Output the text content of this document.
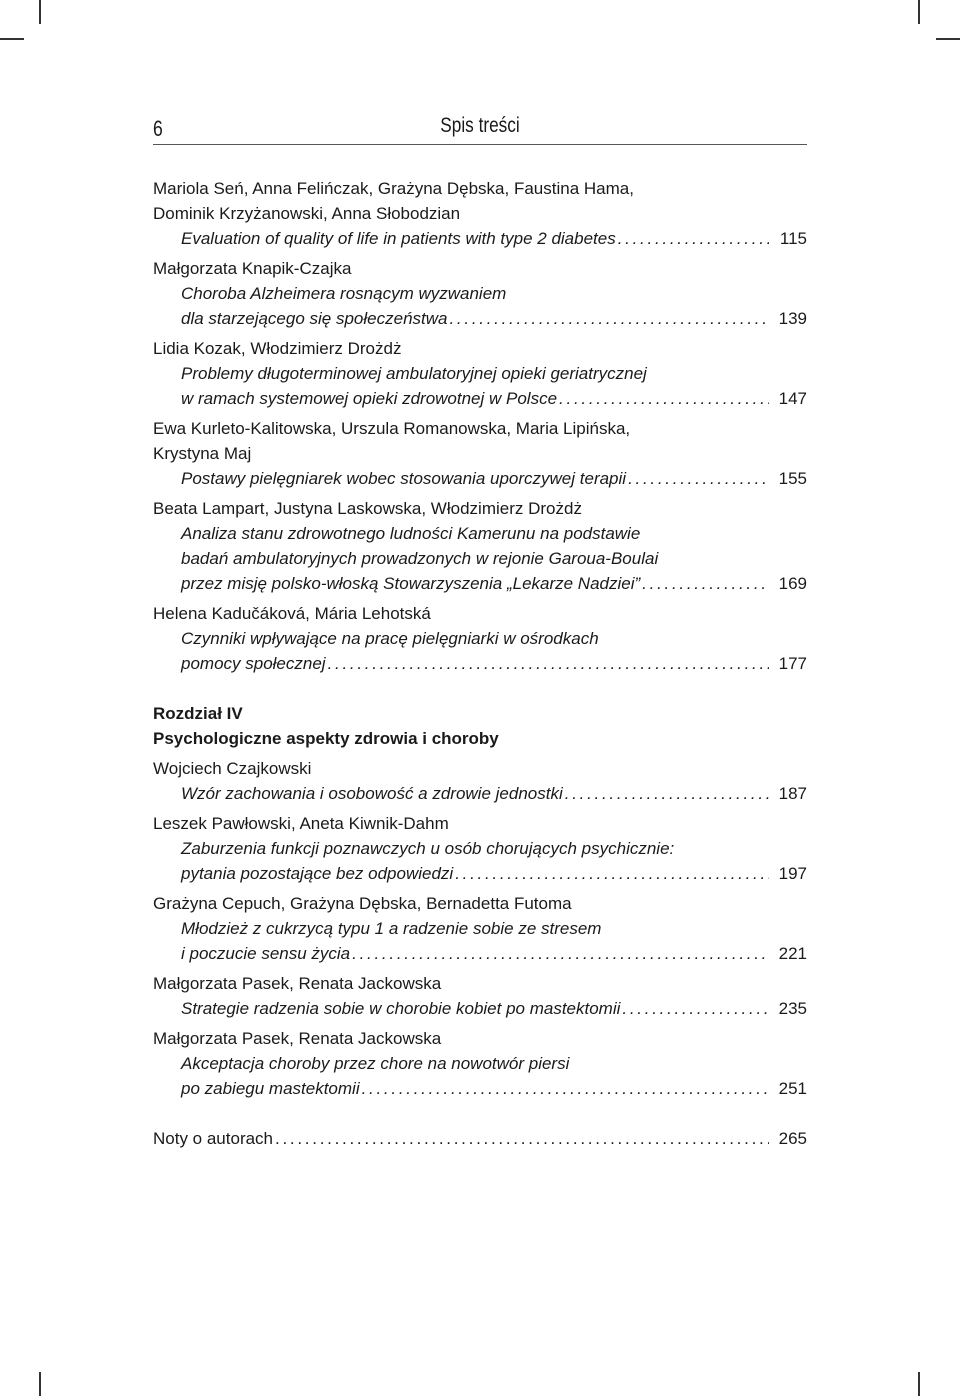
6	Spis treści
Mariola Seń, Anna Felińczak, Grażyna Dębska, Faustina Hama,
Dominik Krzyżanowski, Anna Słobodzian
Evaluation of quality of life in patients with type 2 diabetes . . .	115
Małgorzata Knapik-Czajka
Choroba Alzheimera rosnącym wyzwaniem
dla starzejącego się społeczeństwa . . .	139
Lidia Kozak, Włodzimierz Drożdż
Problemy długoterminowej ambulatoryjnej opieki geriatrycznej
w ramach systemowej opieki zdrowotnej w Polsce . . .	147
Ewa Kurleto-Kalitowska, Urszula Romanowska, Maria Lipińska,
Krystyna Maj
Postawy pielęgniarek wobec stosowania uporczywej terapii . . .	155
Beata Lampart, Justyna Laskowska, Włodzimierz Drożdż
Analiza stanu zdrowotnego ludności Kamerunu na podstawie
badań ambulatoryjnych prowadzonych w rejonie Garoua-Boulai
przez misję polsko-włoską Stowarzyszenia „Lekarze Nadziei” . . .	169
Helena Kadučáková, Mária Lehotská
Czynniki wpływające na pracę pielęgniarki w ośrodkach
pomocy społecznej . . .	177
Rozdział IV
Psychologiczne aspekty zdrowia i choroby
Wojciech Czajkowski
Wzór zachowania i osobowość a zdrowie jednostki . . .	187
Leszek Pawłowski, Aneta Kiwnik-Dahm
Zaburzenia funkcji poznawczych u osób chorujących psychicznie:
pytania pozostające bez odpowiedzi . . .	197
Grażyna Cepuch, Grażyna Dębska, Bernadetta Futoma
Młodzież z cukrzycą typu 1 a radzenie sobie ze stresem
i poczucie sensu życia . . .	221
Małgorzata Pasek, Renata Jackowska
Strategie radzenia sobie w chorobie kobiet po mastektomii . . .	235
Małgorzata Pasek, Renata Jackowska
Akceptacja choroby przez chore na nowotwór piersi
po zabiegu mastektomii . . .	251
Noty o autorach . . .	265
